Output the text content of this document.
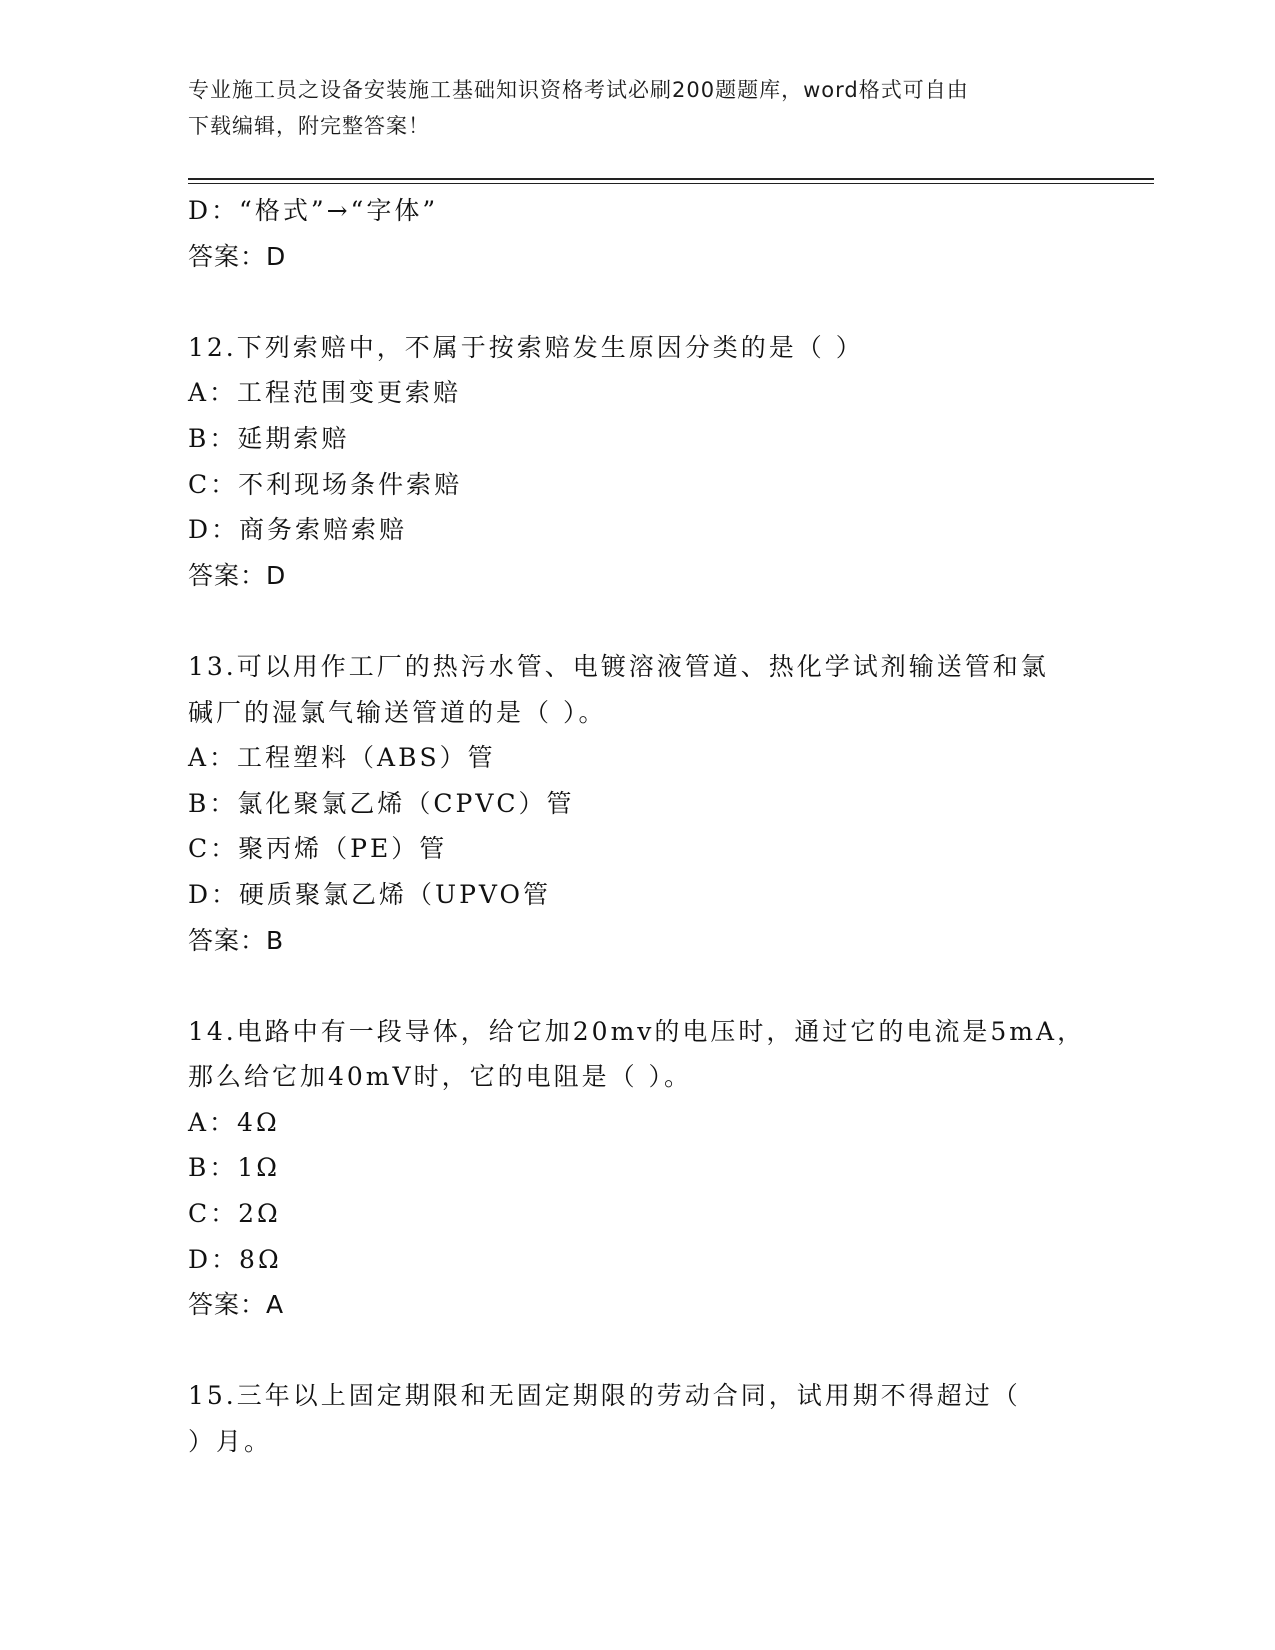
专业施工员之设备安装施工基础知识资格考试必刷200题题库，word格式可自由
下载编辑，附完整答案！

D：“格式”→“字体”

答案：D

12.下列索赔中，不属于按索赔发生原因分类的是（ ）

A：工程范围变更索赔

B：延期索赔

C：不利现场条件索赔

D：商务索赔索赔

答案：D

13.可以用作工厂的热污水管、电镀溶液管道、热化学试剂输送管和氯

碱厂的湿氯气输送管道的是（ ）。

A：工程塑料（ABS）管

B：氯化聚氯乙烯（CPVC）管

C：聚丙烯（PE）管

D：硬质聚氯乙烯（UPVO管

答案：B

14.电路中有一段导体，给它加20mv的电压时，通过它的电流是5mA，

那么给它加40mV时，它的电阻是（ ）。

A：4Ω

B：1Ω

C：2Ω

D：8Ω

答案：A

15.三年以上固定期限和无固定期限的劳动合同，试用期不得超过（

）月。
